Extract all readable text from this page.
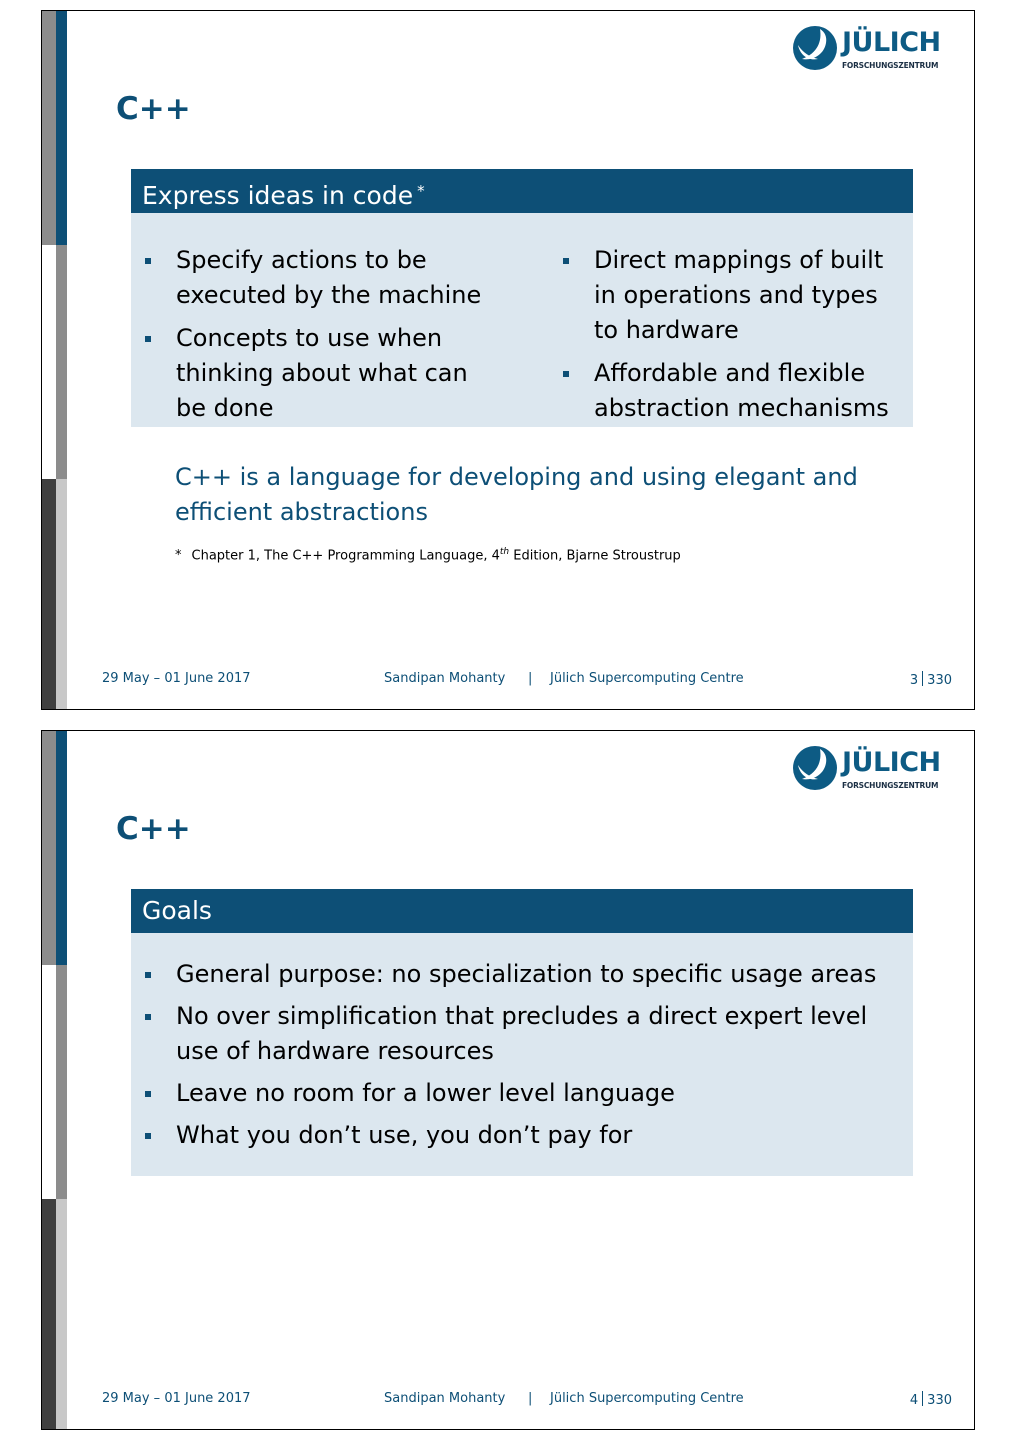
JÜLICH
FORSCHUNGSZENTRUM
C++
Express ideas in code *
Specify actions to be executed by the machine
Concepts to use when thinking about what can be done
Direct mappings of built in operations and types to hardware
Affordable and flexible abstraction mechanisms
C++ is a language for developing and using elegant and efficient abstractions
* Chapter 1, The C++ Programming Language, 4th Edition, Bjarne Stroustrup
29 May – 01 June 2017	Sandipan Mohanty | Jülich Supercomputing Centre	3 330
JÜLICH
FORSCHUNGSZENTRUM
C++
Goals
General purpose: no specialization to specific usage areas
No over simplification that precludes a direct expert level use of hardware resources
Leave no room for a lower level language
What you don’t use, you don’t pay for
29 May – 01 June 2017	Sandipan Mohanty | Jülich Supercomputing Centre	4 330
